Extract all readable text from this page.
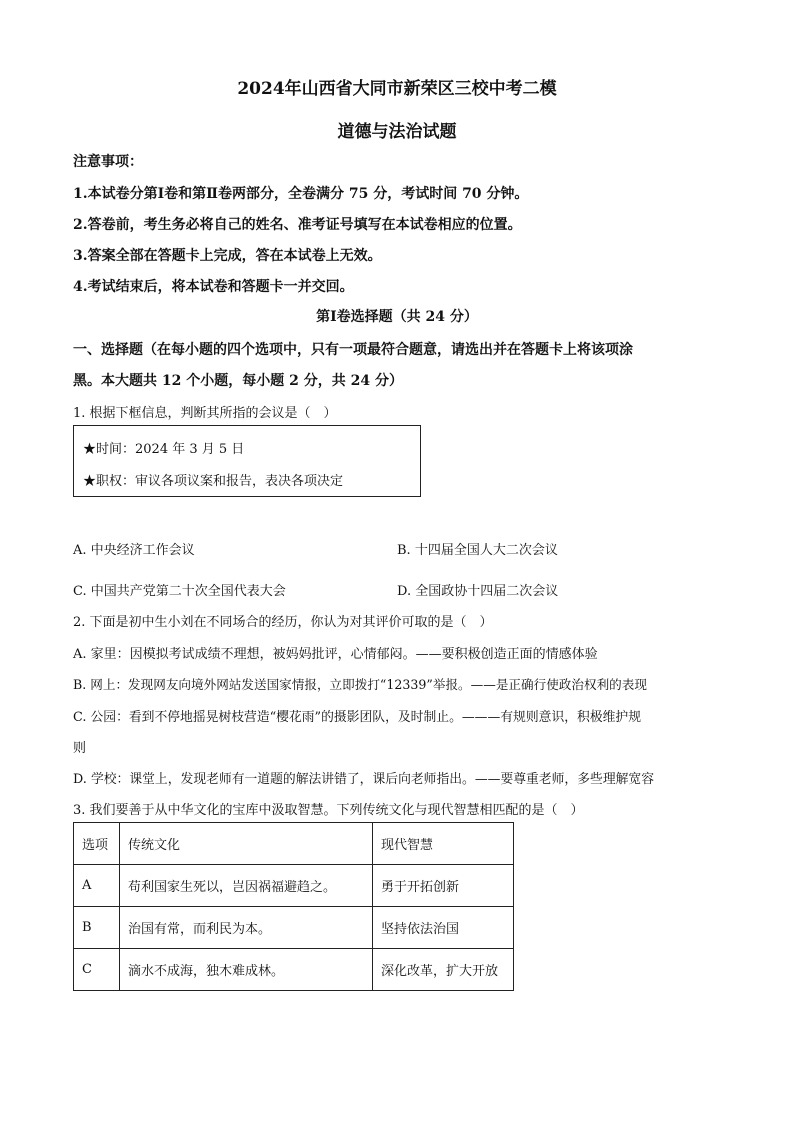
2024年山西省大同市新荣区三校中考二模
道德与法治试题
注意事项：
1.本试卷分第Ⅰ卷和第Ⅱ卷两部分，全卷满分 75 分，考试时间 70 分钟。
2.答卷前，考生务必将自己的姓名、准考证号填写在本试卷相应的位置。
3.答案全部在答题卡上完成，答在本试卷上无效。
4.考试结束后，将本试卷和答题卡一并交回。
第Ⅰ卷选择题（共 24 分）
一、选择题（在每小题的四个选项中，只有一项最符合题意，请选出并在答题卡上将该项涂
黑。本大题共 12 个小题，每小题 2 分，共 24 分）
1. 根据下框信息，判断其所指的会议是（　）
★时间：2024 年 3 月 5 日
★职权：审议各项议案和报告，表决各项决定
A. 中央经济工作会议	B. 十四届全国人大二次会议
C. 中国共产党第二十次全国代表大会	D. 全国政协十四届二次会议
2. 下面是初中生小刘在不同场合的经历，你认为对其评价可取的是（　）
A. 家里：因模拟考试成绩不理想，被妈妈批评，心情郁闷。——要积极创造正面的情感体验
B. 网上：发现网友向境外网站发送国家情报，立即拨打“12339”举报。——是正确行使政治权利的表现
C. 公园：看到不停地摇晃树枝营造“樱花雨”的摄影团队，及时制止。———有规则意识，积极维护规
则
D. 学校：课堂上，发现老师有一道题的解法讲错了，课后向老师指出。——要尊重老师，多些理解宽容
3. 我们要善于从中华文化的宝库中汲取智慧。下列传统文化与现代智慧相匹配的是（　）
选项	传统文化	现代智慧
A	苟利国家生死以，岂因祸福避趋之。	勇于开拓创新
B	治国有常，而利民为本。	坚持依法治国
C	滴水不成海，独木难成林。	深化改革，扩大开放
